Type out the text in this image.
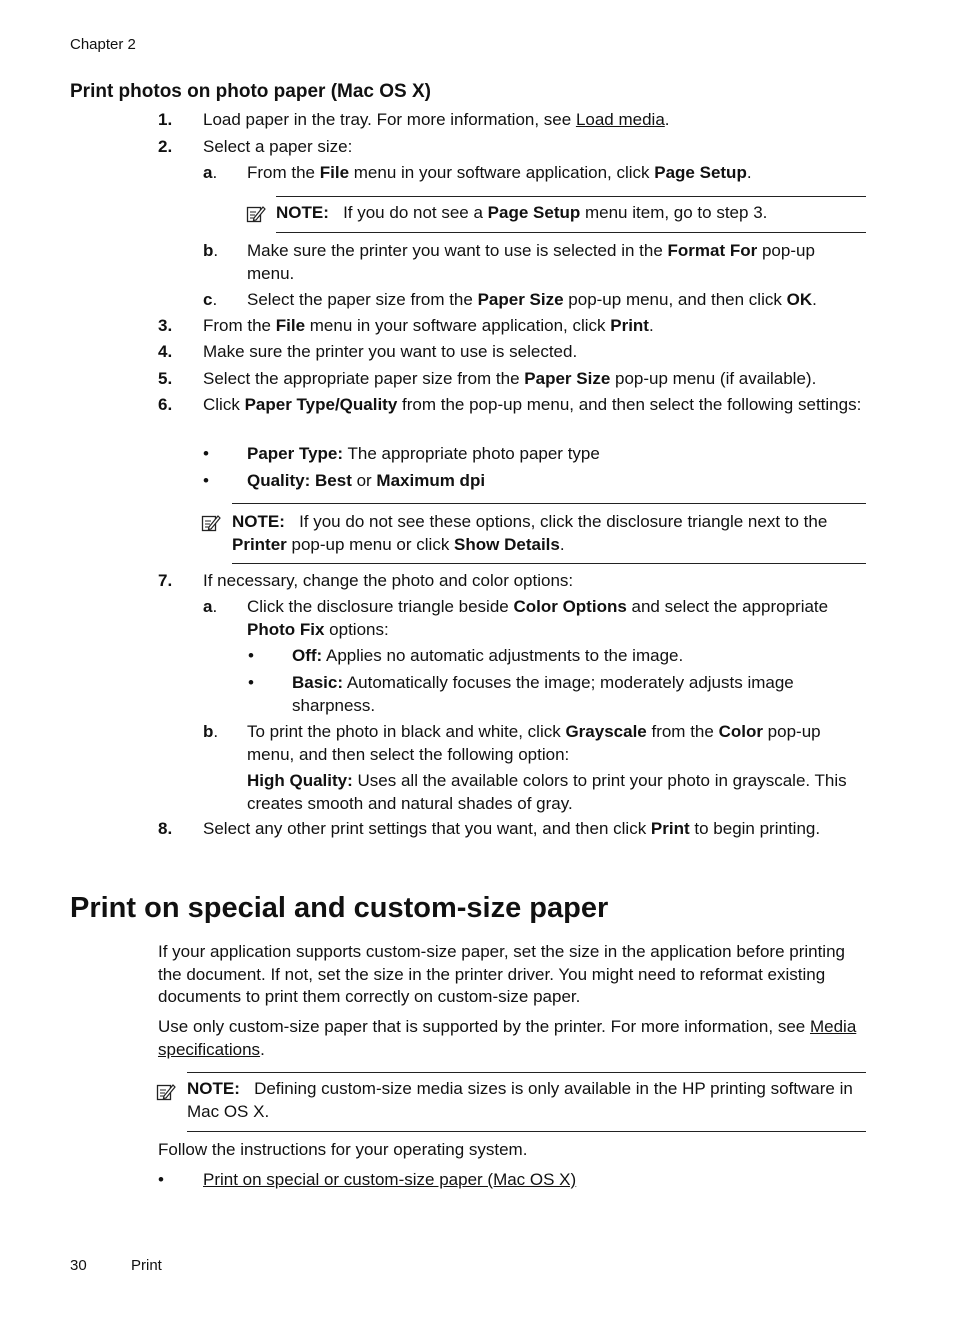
Chapter 2
Print photos on photo paper (Mac OS X)
1. Load paper in the tray. For more information, see Load media.
2. Select a paper size:
a. From the File menu in your software application, click Page Setup.
NOTE: If you do not see a Page Setup menu item, go to step 3.
b. Make sure the printer you want to use is selected in the Format For pop-up menu.
c. Select the paper size from the Paper Size pop-up menu, and then click OK.
3. From the File menu in your software application, click Print.
4. Make sure the printer you want to use is selected.
5. Select the appropriate paper size from the Paper Size pop-up menu (if available).
6. Click Paper Type/Quality from the pop-up menu, and then select the following settings:
• Paper Type: The appropriate photo paper type
• Quality: Best or Maximum dpi
NOTE: If you do not see these options, click the disclosure triangle next to the Printer pop-up menu or click Show Details.
7. If necessary, change the photo and color options:
a. Click the disclosure triangle beside Color Options and select the appropriate Photo Fix options:
• Off: Applies no automatic adjustments to the image.
• Basic: Automatically focuses the image; moderately adjusts image sharpness.
b. To print the photo in black and white, click Grayscale from the Color pop-up menu, and then select the following option:
High Quality: Uses all the available colors to print your photo in grayscale. This creates smooth and natural shades of gray.
8. Select any other print settings that you want, and then click Print to begin printing.
Print on special and custom-size paper
If your application supports custom-size paper, set the size in the application before printing the document. If not, set the size in the printer driver. You might need to reformat existing documents to print them correctly on custom-size paper.
Use only custom-size paper that is supported by the printer. For more information, see Media specifications.
NOTE: Defining custom-size media sizes is only available in the HP printing software in Mac OS X.
Follow the instructions for your operating system.
• Print on special or custom-size paper (Mac OS X)
30	Print
